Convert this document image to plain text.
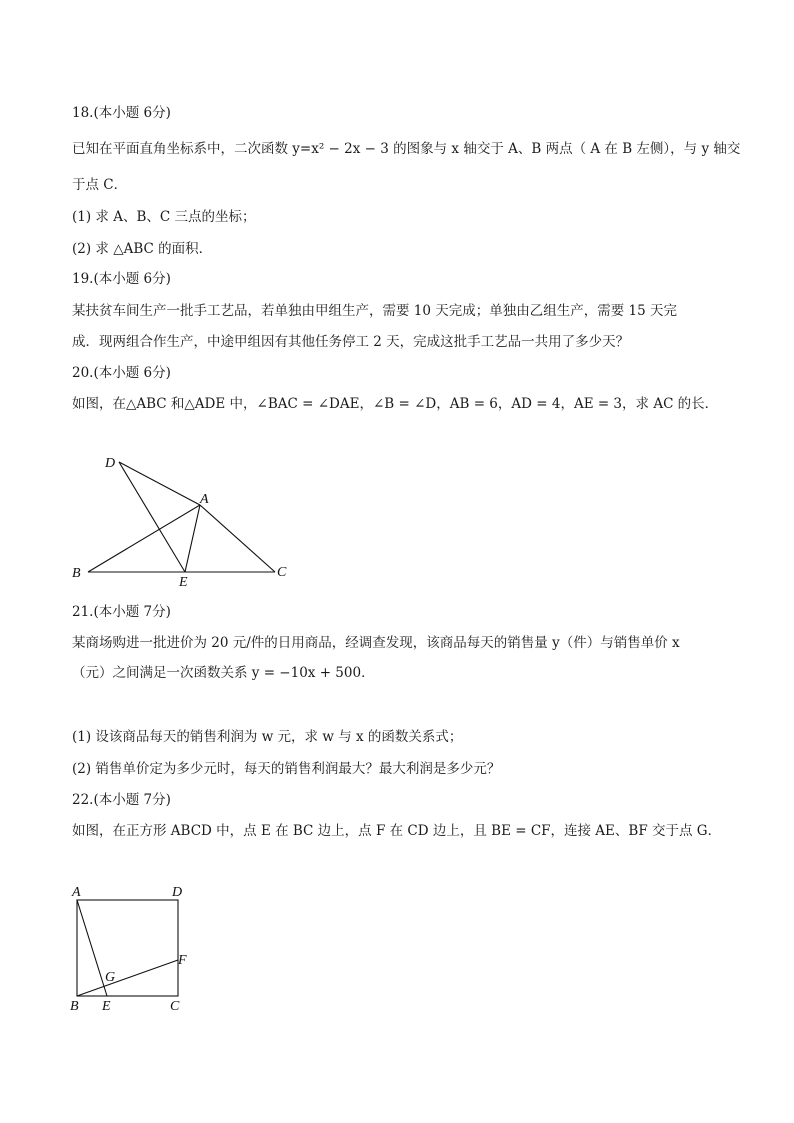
18.(本小题 6分)
已知在平面直角坐标系中，二次函数 y=x² − 2x − 3 的图象与 x 轴交于 A、B 两点（ A 在 B 左侧），与 y 轴交
于点 C．
(1) 求 A、B、C 三点的坐标；
(2) 求 △ABC 的面积．
19.(本小题 6分)
某扶贫车间生产一批手工艺品，若单独由甲组生产，需要 10 天完成；单独由乙组生产，需要 15 天完
成．现两组合作生产，中途甲组因有其他任务停工 2 天，完成这批手工艺品一共用了多少天？
20.(本小题 6分)
如图，在△ABC 和△ADE 中，∠BAC = ∠DAE，∠B = ∠D，AB = 6，AD = 4，AE = 3，求 AC 的长．
D
A
B
E
C
21.(本小题 7分)
某商场购进一批进价为 20 元/件的日用商品，经调查发现，该商品每天的销售量 y（件）与销售单价 x
（元）之间满足一次函数关系 y = −10x + 500．
(1) 设该商品每天的销售利润为 w 元，求 w 与 x 的函数关系式；
(2) 销售单价定为多少元时，每天的销售利润最大？最大利润是多少元？
22.(本小题 7分)
如图，在正方形 ABCD 中，点 E 在 BC 边上，点 F 在 CD 边上，且 BE = CF，连接 AE、BF 交于点 G．
A	D
G
F
B E	C
